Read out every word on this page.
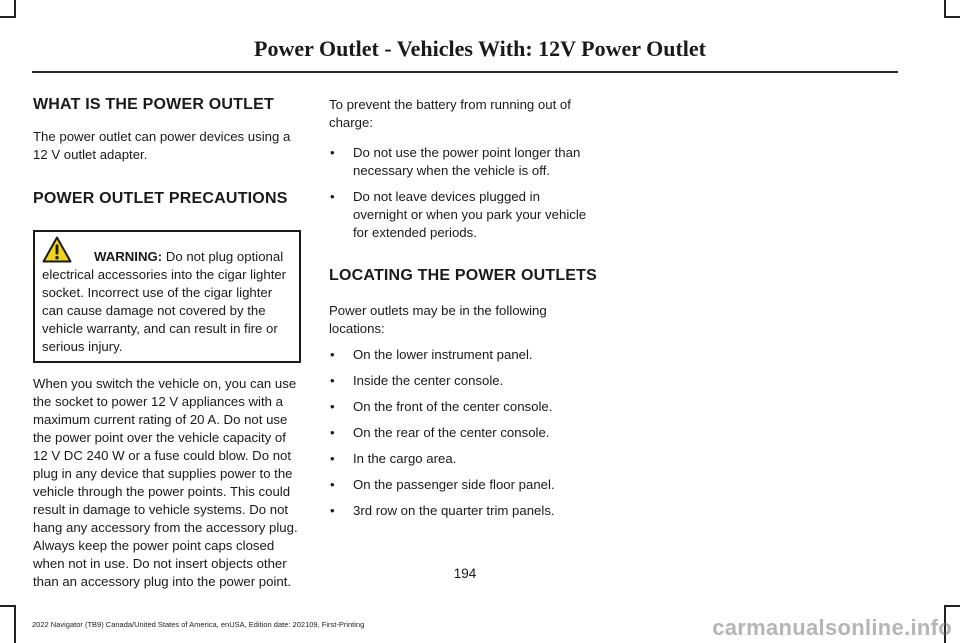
Power Outlet - Vehicles With: 12V Power Outlet
WHAT IS THE POWER OUTLET

The power outlet can power devices using a 12 V outlet adapter.

POWER OUTLET PRECAUTIONS
WARNING: Do not plug optional electrical accessories into the cigar lighter socket. Incorrect use of the cigar lighter can cause damage not covered by the vehicle warranty, and can result in fire or serious injury.

When you switch the vehicle on, you can use the socket to power 12 V appliances with a maximum current rating of 20 A. Do not use the power point over the vehicle capacity of 12 V DC 240 W or a fuse could blow. Do not plug in any device that supplies power to the vehicle through the power points. This could result in damage to vehicle systems. Do not hang any accessory from the accessory plug. Always keep the power point caps closed when not in use. Do not insert objects other than an accessory plug into the power point.

To prevent the battery from running out of charge:

• Do not use the power point longer than necessary when the vehicle is off.
• Do not leave devices plugged in overnight or when you park your vehicle for extended periods.
LOCATING THE POWER OUTLETS

Power outlets may be in the following locations:

• On the lower instrument panel.
• Inside the center console.
• On the front of the center console.
• On the rear of the center console.
• In the cargo area.
• On the passenger side floor panel.
• 3rd row on the quarter trim panels.
194
2022 Navigator (TB9) Canada/United States of America, enUSA, Edition date: 202109, First-Printing	carmanualsonline.info
